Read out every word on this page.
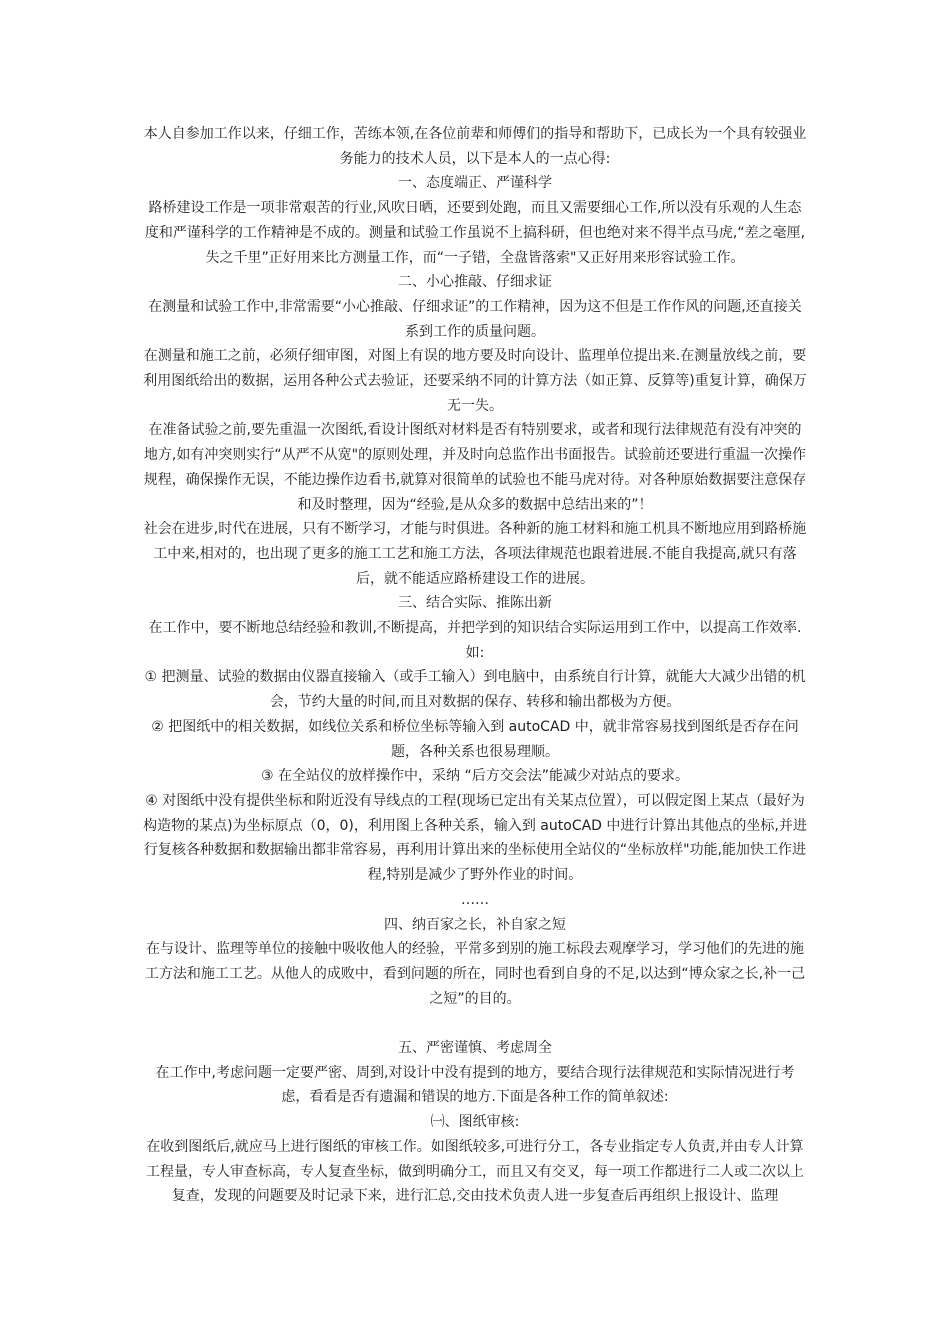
本人自参加工作以来，仔细工作，苦练本领,在各位前辈和师傅们的指导和帮助下，已成长为一个具有较强业务能力的技术人员，以下是本人的一点心得:

一、态度端正、严谨科学

路桥建设工作是一项非常艰苦的行业,风吹日晒，还要到处跑，而且又需要细心工作,所以没有乐观的人生态度和严谨科学的工作精神是不成的。测量和试验工作虽说不上搞科研，但也绝对来不得半点马虎,“差之毫厘,失之千里”正好用来比方测量工作，而“一子错，全盘皆落索"又正好用来形容试验工作。

二、小心推敲、仔细求证

在测量和试验工作中,非常需要“小心推敲、仔细求证”的工作精神，因为这不但是工作作风的问题,还直接关系到工作的质量问题。

在测量和施工之前，必须仔细审图，对图上有误的地方要及时向设计、监理单位提出来.在测量放线之前，要利用图纸给出的数据，运用各种公式去验证，还要采纳不同的计算方法（如正算、反算等)重复计算，确保万无一失。

在准备试验之前,要先重温一次图纸,看设计图纸对材料是否有特别要求，或者和现行法律规范有没有冲突的地方,如有冲突则实行“从严不从宽"的原则处理，并及时向总监作出书面报告。试验前还要进行重温一次操作规程，确保操作无误，不能边操作边看书,就算对很简单的试验也不能马虎对待。对各种原始数据要注意保存和及时整理，因为“经验,是从众多的数据中总结出来的”！

社会在进步,时代在进展，只有不断学习，才能与时俱进。各种新的施工材料和施工机具不断地应用到路桥施工中来,相对的，也出现了更多的施工工艺和施工方法，各项法律规范也跟着进展.不能自我提高,就只有落后，就不能适应路桥建设工作的进展。

三、结合实际、推陈出新

在工作中，要不断地总结经验和教训,不断提高，并把学到的知识结合实际运用到工作中，以提高工作效率.如:

① 把测量、试验的数据由仪器直接输入（或手工输入）到电脑中，由系统自行计算，就能大大减少出错的机会，节约大量的时间,而且对数据的保存、转移和输出都极为方便。

② 把图纸中的相关数据，如线位关系和桥位坐标等输入到 autoCAD 中，就非常容易找到图纸是否存在问题，各种关系也很易理顺。

③ 在全站仪的放样操作中，采纳 “后方交会法”能减少对站点的要求。

④ 对图纸中没有提供坐标和附近没有导线点的工程(现场已定出有关某点位置），可以假定图上某点（最好为构造物的某点)为坐标原点（0，0)，利用图上各种关系，输入到 autoCAD 中进行计算出其他点的坐标,并进行复核各种数据和数据输出都非常容易，再利用计算出来的坐标使用全站仪的“坐标放样"功能,能加快工作进程,特别是减少了野外作业的时间。

……

四、纳百家之长，补自家之短

在与设计、监理等单位的接触中吸收他人的经验，平常多到别的施工标段去观摩学习，学习他们的先进的施工方法和施工工艺。从他人的成败中，看到问题的所在，同时也看到自身的不足,以达到“博众家之长,补一己之短”的目的。

五、严密谨慎、考虑周全

在工作中,考虑问题一定要严密、周到,对设计中没有提到的地方，要结合现行法律规范和实际情况进行考虑，看看是否有遗漏和错误的地方.下面是各种工作的简单叙述:

㈠、图纸审核:

在收到图纸后,就应马上进行图纸的审核工作。如图纸较多,可进行分工，各专业指定专人负责,并由专人计算工程量，专人审查标高，专人复查坐标，做到明确分工，而且又有交叉，每一项工作都进行二人或二次以上复查，发现的问题要及时记录下来，进行汇总,交由技术负责人进一步复查后再组织上报设计、监理
